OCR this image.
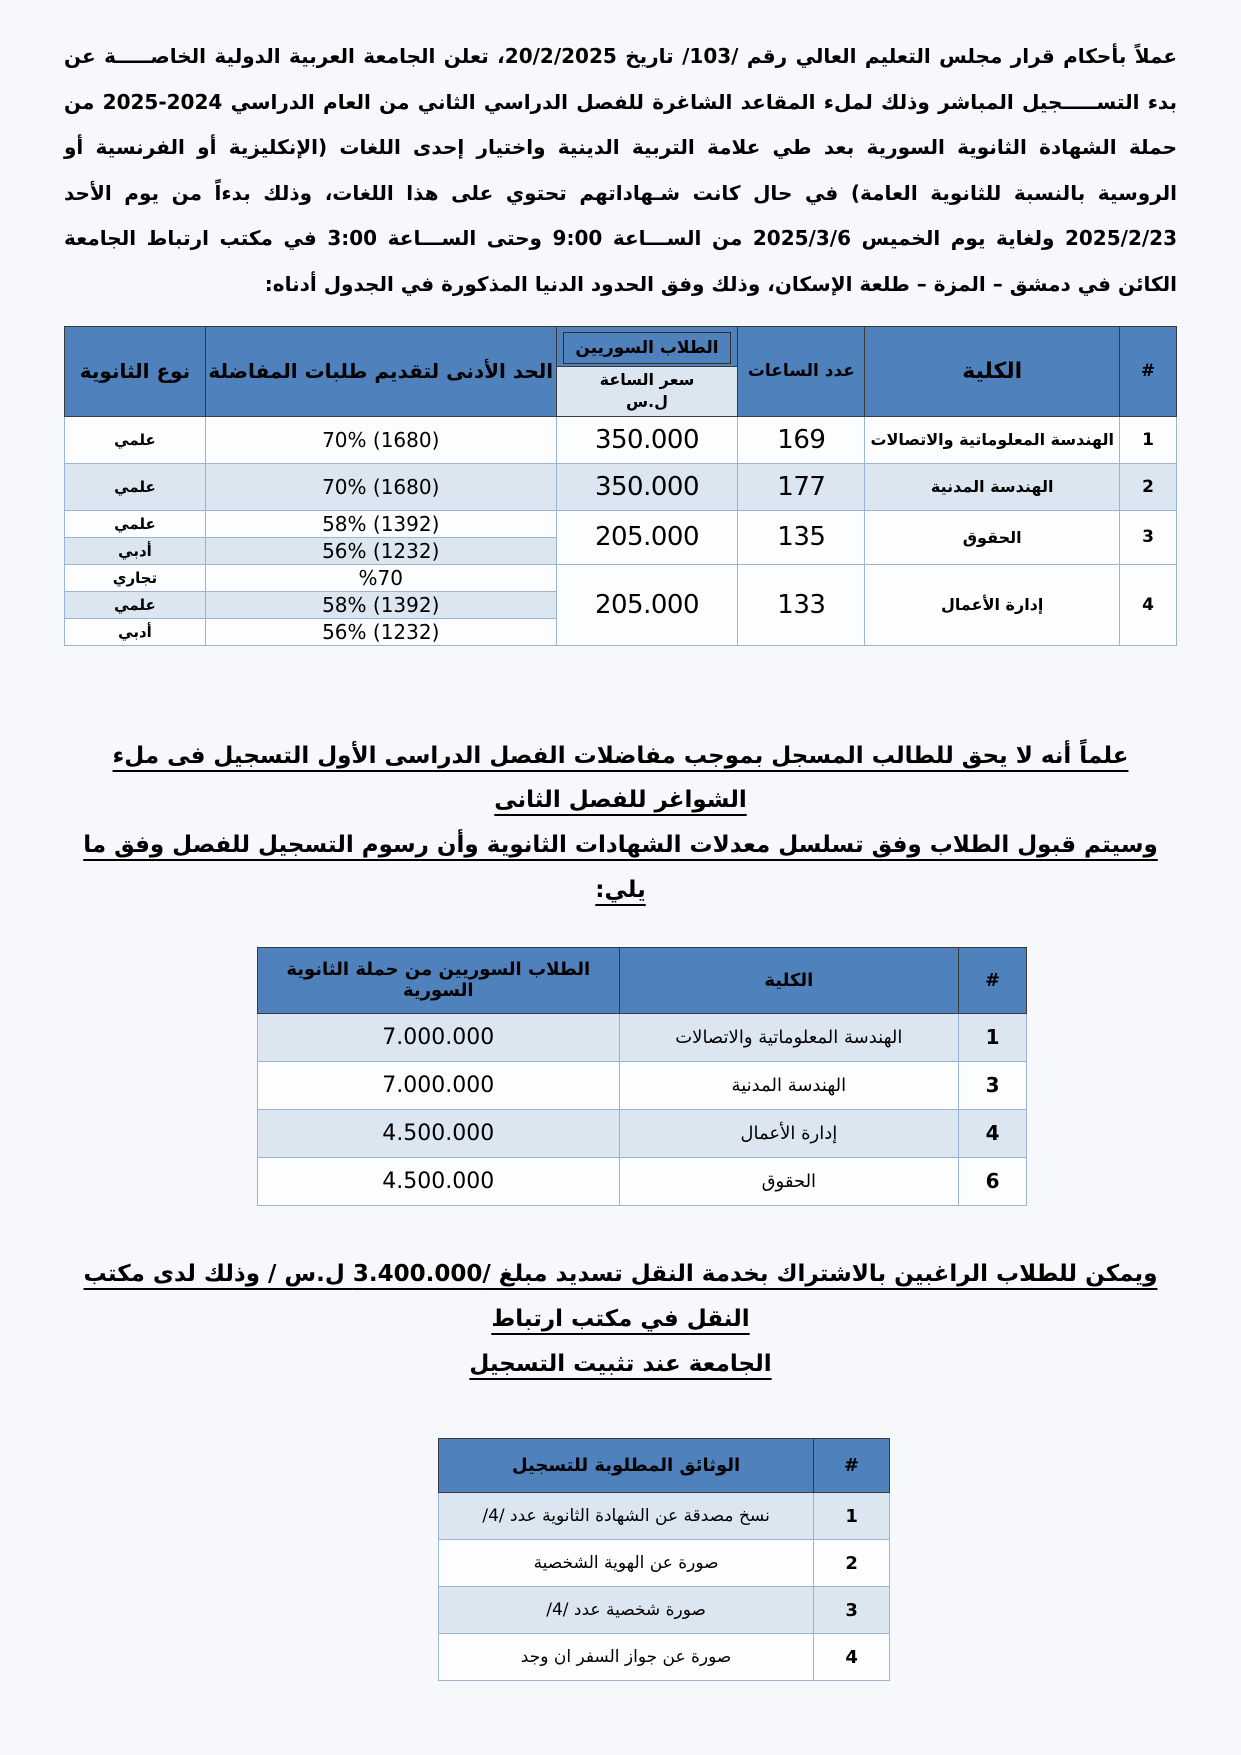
عملاً بأحكام قرار مجلس التعليم العالي رقم /103/ تاريخ 20/2/2025، تعلن الجامعة العربية الدولية الخاصـــــة عن بدء التســـــجيل المباشر وذلك لملء المقاعد الشاغرة للفصل الدراسي الثاني من العام الدراسي 2024‏-‏2025 من حملة الشهادة الثانوية السورية بعد طي علامة التربية الدينية واختيار إحدى اللغات (الإنكليزية أو الفرنسية أو الروسية بالنسبة للثانوية العامة) في حال كانت شـهاداتهم تحتوي على هذا اللغات، وذلك بدءاً من يوم الأحد 2025/2/23 ولغاية يوم الخميس 2025/3/6 من الســـاعة 9:00 وحتى الســـاعة 3:00 في مكتب ارتباط الجامعة الكائن في دمشق – المزة – طلعة الإسكان، وذلك وفق الحدود الدنيا المذكورة في الجدول أدناه:

#	الكلية	عدد الساعات	الطلاب السوريين	الحد الأدنى لتقديم طلبات المفاضلة	نوع الثانوية
			سعر الساعة ل.س		
1	الهندسة المعلوماتية والاتصالات	169	350.000	70% (1680)	علمي
2	الهندسة المدنية	177	350.000	70% (1680)	علمي
3	الحقوق	135	205.000	58% (1392)	علمي
				56% (1232)	أدبي
4	إدارة الأعمال	133	205.000	%70	تجاري
				58% (1392)	علمي
				56% (1232)	أدبي

علماً أنه لا يحق للطالب المسجل بموجب مفاضلات الفصل الدراسى الأول التسجيل فى ملء الشواغر للفصل الثانى
وسيتم قبول الطلاب وفق تسلسل معدلات الشهادات الثانوية وأن رسوم التسجيل للفصل وفق ما يلي:

#	الكلية	الطلاب السوريين من حملة الثانوية السورية
1	الهندسة المعلوماتية والاتصالات	7.000.000
3	الهندسة المدنية	7.000.000
4	إدارة الأعمال	4.500.000
6	الحقوق	4.500.000

ويمكن للطلاب الراغبين بالاشتراك بخدمة النقل تسديد مبلغ /3.400.000 ل.س / وذلك لدى مكتب النقل في مكتب ارتباط
الجامعة عند تثبيت التسجيل

#	الوثائق المطلوبة للتسجيل
1	نسخ مصدقة عن الشهادة الثانوية عدد /4/
2	صورة عن الهوية الشخصية
3	صورة شخصية عدد /4/
4	صورة عن جواز السفر ان وجد
